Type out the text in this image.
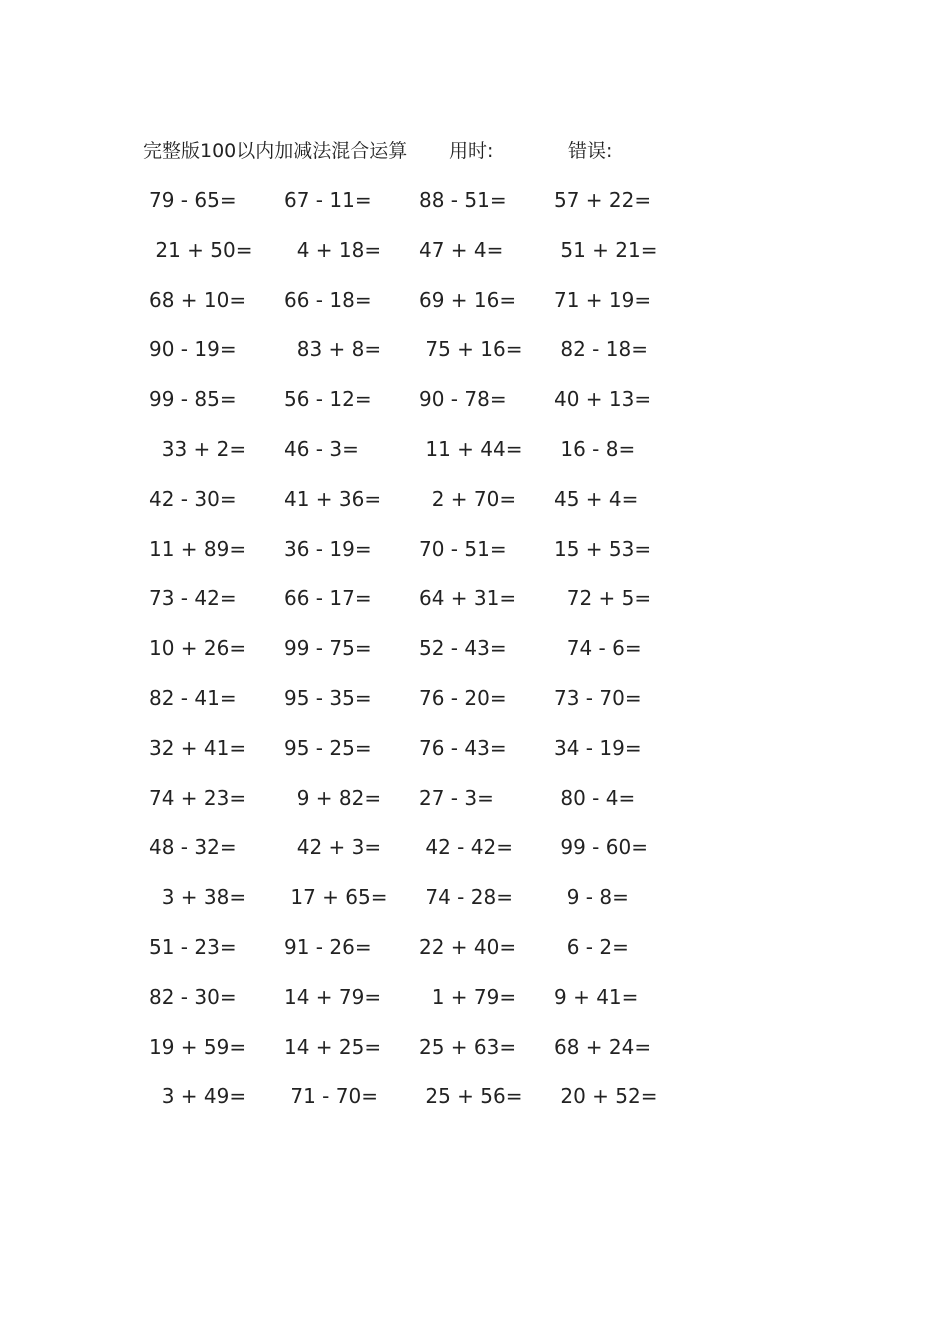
完整版100以内加减法混合运算 用时:	错误:
79 - 65=	67 - 11=	88 - 51=	57 + 22=
21 + 50=	4 + 18=	47 + 4=	51 + 21=
68 + 10=	66 - 18=	69 + 16=	71 + 19=
90 - 19=	83 + 8=	75 + 16=	82 - 18=
99 - 85=	56 - 12=	90 - 78=	40 + 13=
33 + 2=	46 - 3=	11 + 44=	16 - 8=
42 - 30=	41 + 36=	2 + 70=	45 + 4=
11 + 89=	36 - 19=	70 - 51=	15 + 53=
73 - 42=	66 - 17=	64 + 31=	72 + 5=
10 + 26=	99 - 75=	52 - 43=	74 - 6=
82 - 41=	95 - 35=	76 - 20=	73 - 70=
32 + 41=	95 - 25=	76 - 43=	34 - 19=
74 + 23=	9 + 82=	27 - 3=	80 - 4=
48 - 32=	42 + 3=	42 - 42=	99 - 60=
3 + 38=	17 + 65=	74 - 28=	9 - 8=
51 - 23=	91 - 26=	22 + 40=	6 - 2=
82 - 30=	14 + 79=	1 + 79=	9 + 41=
19 + 59=	14 + 25=	25 + 63=	68 + 24=
3 + 49=	71 - 70=	25 + 56=	20 + 52=
